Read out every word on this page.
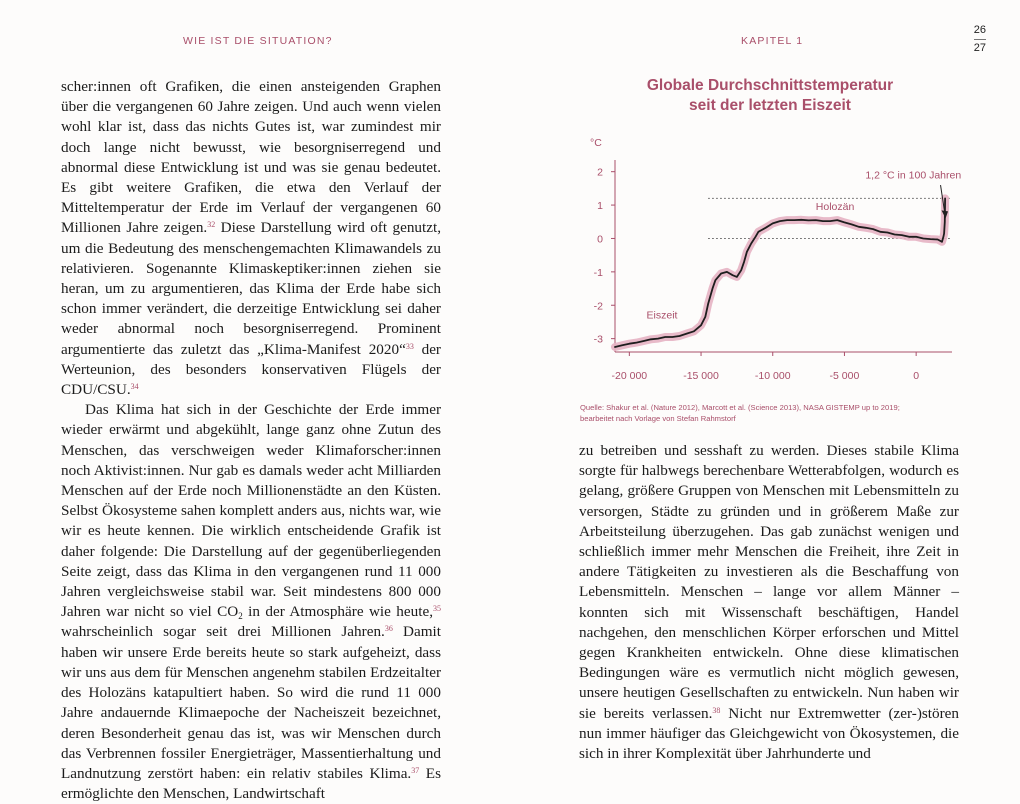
WIE IST DIE SITUATION?	KAPITEL 1
26
27

scher:innen oft Grafiken, die einen ansteigenden Graphen über die vergangenen 60 Jahre zeigen. Und auch wenn vielen wohl klar ist, dass das nichts Gutes ist, war zumindest mir doch lange nicht bewusst, wie besorgniserregend und abnormal diese Entwicklung ist und was sie genau bedeutet. Es gibt weitere Grafiken, die etwa den Verlauf der Mitteltemperatur der Erde im Verlauf der vergangenen 60 Millionen Jahre zeigen.$^{32}$ Diese Darstellung wird oft genutzt, um die Bedeutung des menschengemachten Klimawandels zu relativieren. Sogenannte Klimaskeptiker:innen ziehen sie heran, um zu argumentieren, das Klima der Erde habe sich schon immer verändert, die derzeitige Entwicklung sei daher weder abnormal noch besorgniserregend. Prominent argumentierte das zuletzt das „Klima-Manifest 2020“$^{33}$ der Werteunion, des besonders konservativen Flügels der CDU/CSU.$^{34}$

Das Klima hat sich in der Geschichte der Erde immer wieder erwärmt und abgekühlt, lange ganz ohne Zutun des Menschen, das verschweigen weder Klimaforscher:innen noch Aktivist:innen. Nur gab es damals weder acht Milliarden Menschen auf der Erde noch Millionenstädte an den Küsten. Selbst Ökosysteme sahen komplett anders aus, nichts war, wie wir es heute kennen. Die wirklich entscheidende Grafik ist daher folgende: Die Darstellung auf der gegenüberliegenden Seite zeigt, dass das Klima in den vergangenen rund 11 000 Jahren vergleichsweise stabil war. Seit mindestens 800 000 Jahren war nicht so viel $CO_2$ in der Atmosphäre wie heute,$^{35}$ wahrscheinlich sogar seit drei Millionen Jahren.$^{36}$ Damit haben wir unsere Erde bereits heute so stark aufgeheizt, dass wir uns aus dem für Menschen angenehm stabilen Erdzeitalter des Holozäns katapultiert haben. So wird die rund 11 000 Jahre andauernde Klimaepoche der Nacheiszeit bezeichnet, deren Besonderheit genau das ist, was wir Menschen durch das Verbrennen fossiler Energieträger, Massentierhaltung und Landnutzung zerstört haben: ein relativ stabiles Klima.$^{37}$ Es ermöglichte den Menschen, Landwirtschaft

Globale Durchschnittstemperatur
seit der letzten Eiszeit
°C
2
1
0
-1
-2
-3
-20 000	-15 000	-10 000	-5 000	0
Eiszeit
Holozän
1,2 °C in 100 Jahren
Quelle: Shakur et al. (Nature 2012), Marcott et al. (Science 2013), NASA GISTEMP up to 2019;
bearbeitet nach Vorlage von Stefan Rahmstorf

zu betreiben und sesshaft zu werden. Dieses stabile Klima sorgte für halbwegs berechenbare Wetterabfolgen, wodurch es gelang, größere Gruppen von Menschen mit Lebensmitteln zu versorgen, Städte zu gründen und in größerem Maße zur Arbeitsteilung überzugehen. Das gab zunächst wenigen und schließlich immer mehr Menschen die Freiheit, ihre Zeit in andere Tätigkeiten zu investieren als die Beschaffung von Lebensmitteln. Menschen – lange vor allem Männer – konnten sich mit Wissenschaft beschäftigen, Handel nachgehen, den menschlichen Körper erforschen und Mittel gegen Krankheiten entwickeln. Ohne diese klimatischen Bedingungen wäre es vermutlich nicht möglich gewesen, unsere heutigen Gesellschaften zu entwickeln. Nun haben wir sie bereits verlassen.$^{38}$ Nicht nur Extremwetter (zer-)stören nun immer häufiger das Gleichgewicht von Ökosystemen, die sich in ihrer Komplexität über Jahrhunderte und
